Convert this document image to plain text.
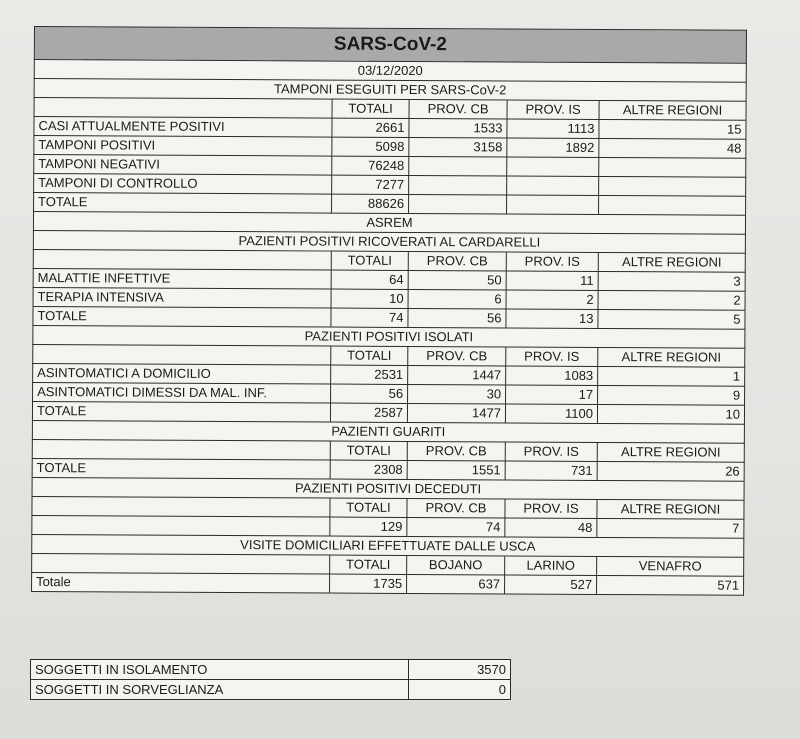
SARS-CoV-2				
03/12/2020				
TAMPONI ESEGUITI PER SARS-CoV-2				
	TOTALI	PROV. CB	PROV. IS	ALTRE REGIONI
CASI ATTUALMENTE POSITIVI	2661	1533	1113	15
TAMPONI POSITIVI	5098	3158	1892	48
TAMPONI NEGATIVI	76248			
TAMPONI DI CONTROLLO	7277			
TOTALE	88626			
ASREM				
PAZIENTI POSITIVI RICOVERATI AL CARDARELLI				
	TOTALI	PROV. CB	PROV. IS	ALTRE REGIONI
MALATTIE INFETTIVE	64	50	11	3
TERAPIA INTENSIVA	10	6	2	2
TOTALE	74	56	13	5
PAZIENTI POSITIVI ISOLATI				
	TOTALI	PROV. CB	PROV. IS	ALTRE REGIONI
ASINTOMATICI A DOMICILIO	2531	1447	1083	1
ASINTOMATICI DIMESSI DA MAL. INF.	56	30	17	9
TOTALE	2587	1477	1100	10
PAZIENTI GUARITI				
	TOTALI	PROV. CB	PROV. IS	ALTRE REGIONI
TOTALE	2308	1551	731	26
PAZIENTI POSITIVI DECEDUTI				
	TOTALI	PROV. CB	PROV. IS	ALTRE REGIONI
	129	74	48	7
VISITE DOMICILIARI EFFETTUATE DALLE USCA				
	TOTALI	BOJANO	LARINO	VENAFRO
Totale	1735	637	527	571
SOGGETTI IN ISOLAMENTO	3570
SOGGETTI IN SORVEGLIANZA	0
